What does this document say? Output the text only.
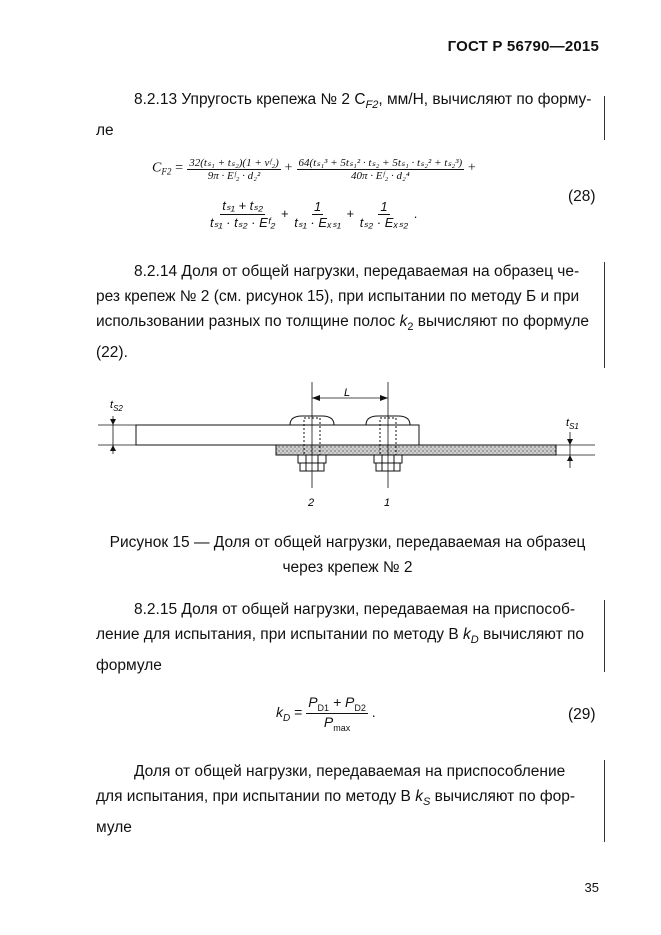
ГОСТ Р 56790—2015
8.2.13 Упругость крепежа № 2 $C_{F2}$, мм/Н, вычисляют по форму-
ле
$C_{F2} = \frac{\text{32(tₛ₁ + tₛ₂)(1 + νᶠ₂)}}{\text{9π · Eᶠ₂ · d₂²}} + \frac{\text{64(tₛ₁³ + 5tₛ₁² · tₛ₂ + 5tₛ₁ · tₛ₂² + tₛ₂³)}}{\text{40π · Eᶠ₂ · d₂⁴}}$ +
$\frac{\text{tₛ₁ + tₛ₂}}{\text{tₛ₁ · tₛ₂ · Eᶠ₂}} + \frac{1}{\text{tₛ₁ · Eₓₛ₁}} + \frac{1}{\text{tₛ₂ · Eₓₛ₂}}$ .
(28)
8.2.14 Доля от общей нагрузки, передаваемая на образец че-
рез крепеж № 2 (см. рисунок 15), при испытании по методу Б и при
использовании разных по толщине полос $k_2$ вычисляют по формуле
(22).
L
$t_{S2}$
$t_{S1}$
2	1
Рисунок 15 — Доля от общей нагрузки, передаваемая на образец
через крепеж № 2
8.2.15 Доля от общей нагрузки, передаваемая на приспособ-
ление для испытания, при испытании по методу В $k_D$ вычисляют по
формуле
$k_D = \frac{P_{D1} + P_{D2}}{P_{max}}$ .	(29)
Доля от общей нагрузки, передаваемая на приспособление
для испытания, при испытании по методу В $k_S$ вычисляют по фор-
муле
35
